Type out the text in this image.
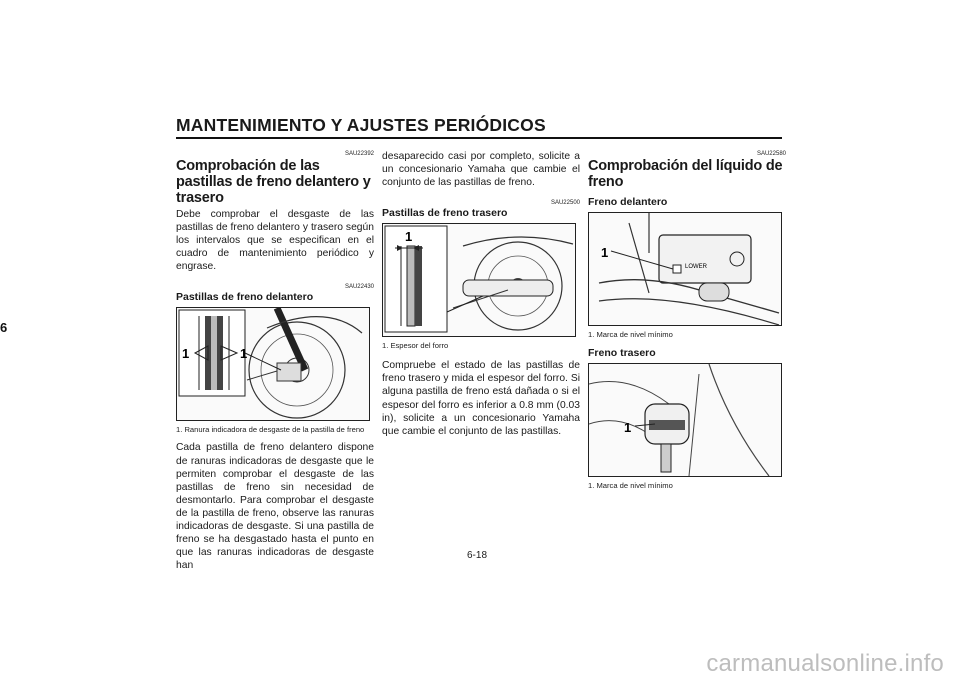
MANTENIMIENTO Y AJUSTES PERIÓDICOS
6

SAU22392

Comprobación de las pastillas de freno delantero y trasero

Debe comprobar el desgaste de las pastillas de freno delantero y trasero según los intervalos que se especifican en el cuadro de mantenimiento periódico y engrase.

SAU22430

Pastillas de freno delantero
1	1

1. Ranura indicadora de desgaste de la pastilla de freno

Cada pastilla de freno delantero dispone de ranuras indicadoras de desgaste que le permiten comprobar el desgaste de las pastillas de freno sin necesidad de desmontarlo. Para comprobar el desgaste de la pastilla de freno, observe las ranuras indicadoras de desgaste. Si una pastilla de freno se ha desgastado hasta el punto en que las ranuras indicadoras de desgaste han

desaparecido casi por completo, solicite a un concesionario Yamaha que cambie el conjunto de las pastillas de freno.

SAU22500

Pastillas de freno trasero
1

1. Espesor del forro

Compruebe el estado de las pastillas de freno trasero y mida el espesor del forro. Si alguna pastilla de freno está dañada o si el espesor del forro es inferior a 0.8 mm (0.03 in), solicite a un concesionario Yamaha que cambie el conjunto de las pastillas.

SAU22580

Comprobación del líquido de freno
Freno delantero
LOWER
1

1. Marca de nivel mínimo

Freno trasero
1

1. Marca de nivel mínimo

6-18

carmanualsonline.info
